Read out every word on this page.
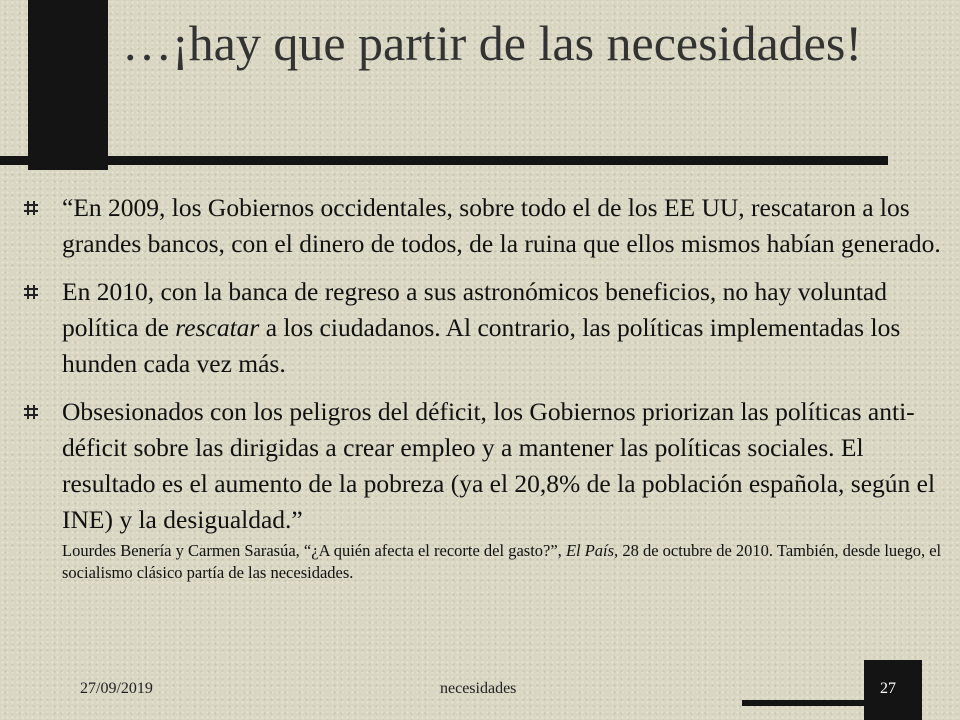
…¡hay que partir de las necesidades!
“En 2009, los Gobiernos occidentales, sobre todo el de los EE UU, rescataron a los grandes bancos, con el dinero de todos, de la ruina que ellos mismos habían generado.
En 2010, con la banca de regreso a sus astronómicos beneficios, no hay voluntad política de rescatar a los ciudadanos. Al contrario, las políticas implementadas los hunden cada vez más.
Obsesionados con los peligros del déficit, los Gobiernos priorizan las políticas anti-déficit sobre las dirigidas a crear empleo y a mantener las políticas sociales. El resultado es el aumento de la pobreza (ya el 20,8% de la población española, según el INE) y la desigualdad.”
Lourdes Benería y Carmen Sarasúa, “¿A quién afecta el recorte del gasto?”, El País, 28 de octubre de 2010. También, desde luego, el socialismo clásico partía de las necesidades.
27/09/2019	necesidades	27
